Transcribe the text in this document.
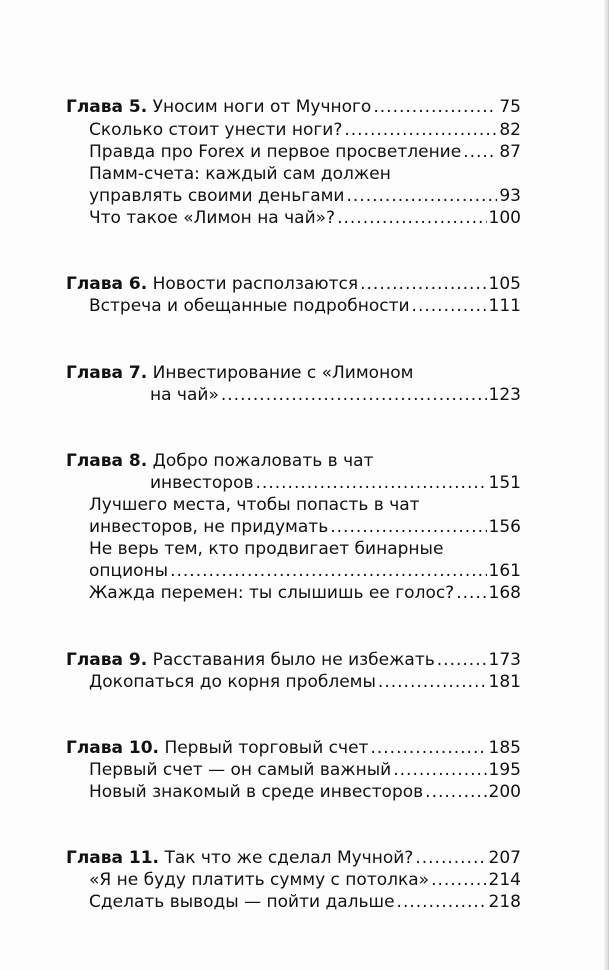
Глава 5. Уносим ноги от Мучного . . .	75
Сколько стоит унести ноги? . . .	82
Правда про Forex и первое просветление . . . 87
Памм-счета: каждый сам должен
управлять своими деньгами . . .	93
Что такое «Лимон на чай»? . . .	100
Глава 6. Новости расползаются . . .	105
Встреча и обещанные подробности . . .	111
Глава 7. Инвестирование с «Лимоном
на чай» . . .	123
Глава 8. Добро пожаловать в чат
инвесторов . . .	151
Лучшего места, чтобы попасть в чат
инвесторов, не придумать . . .	156
Не верь тем, кто продвигает бинарные
опционы . . .	161
Жажда перемен: ты слышишь ее голос? . . . 168
Глава 9. Расставания было не избежать . . .	173
Докопаться до корня проблемы . . .	181
Глава 10. Первый торговый счет . . .	185
Первый счет — он самый важный . . .	195
Новый знакомый в среде инвесторов . . .	200
Глава 11. Так что же сделал Мучной? . . .	207
«Я не буду платить сумму с потолка» . . .	214
Сделать выводы — пойти дальше . . .	218
